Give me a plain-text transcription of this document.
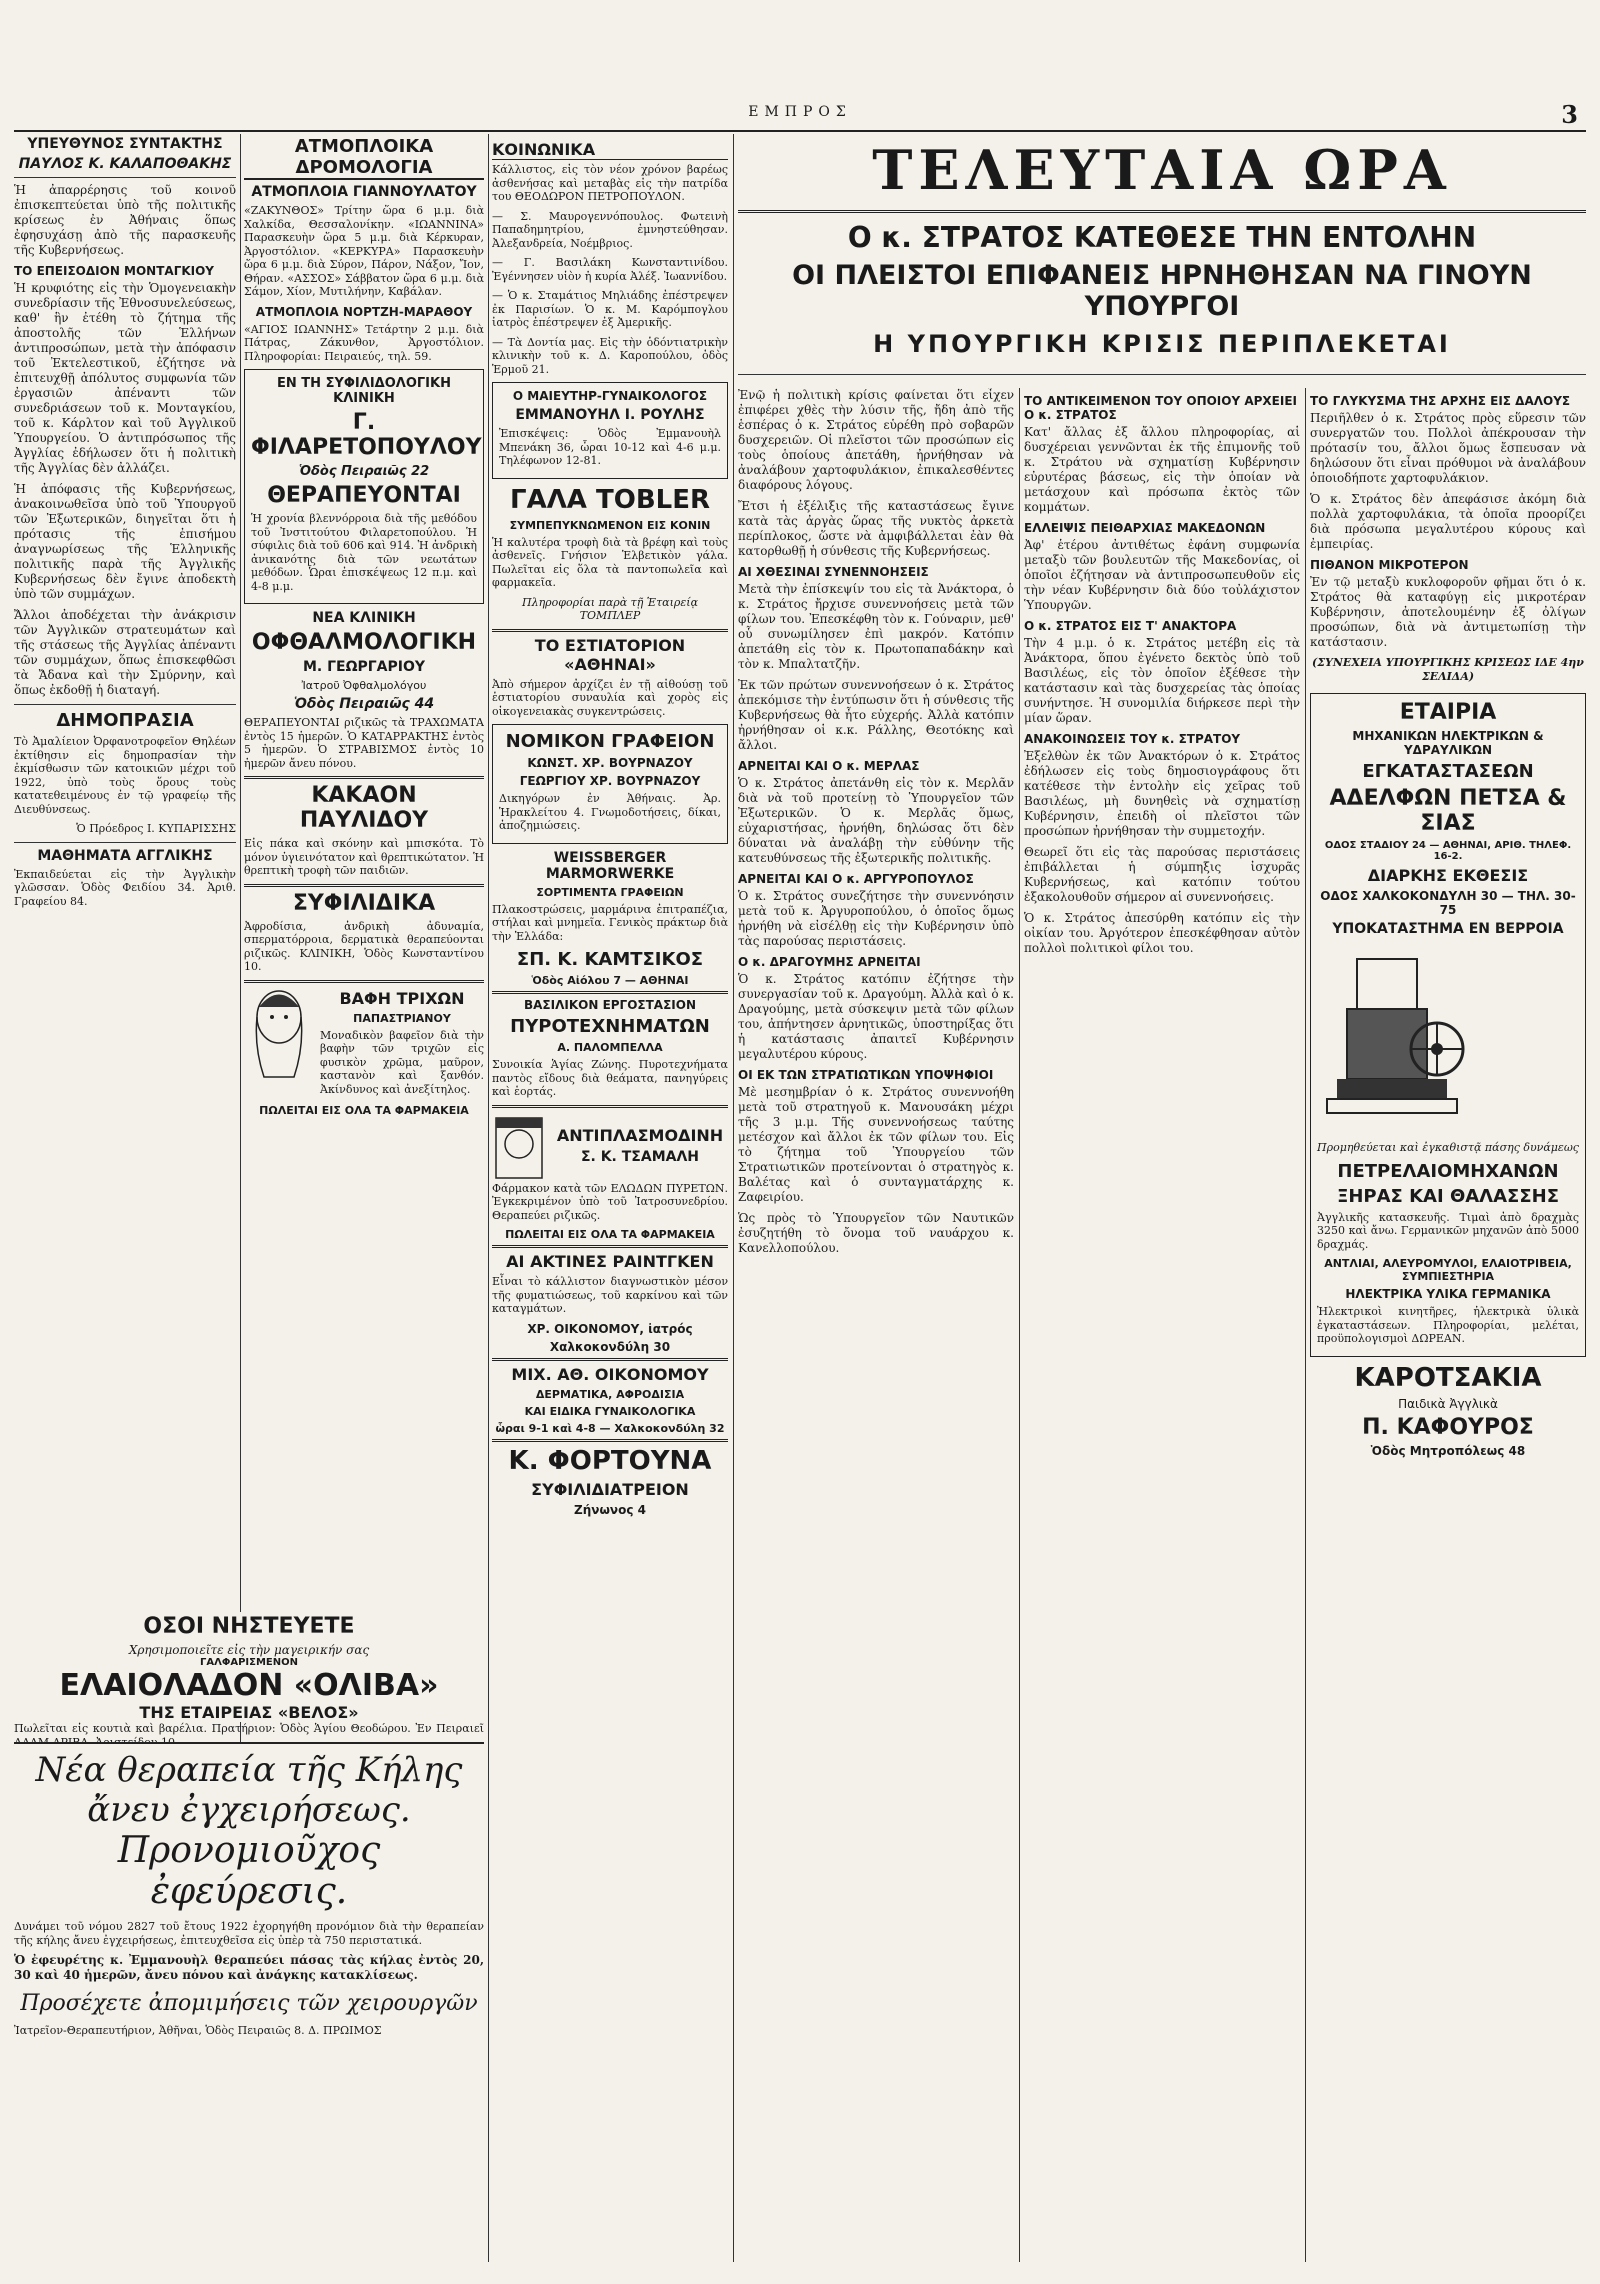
ΕΜΠΡΟΣ	3
ΥΠΕΥΘΥΝΟΣ ΣΥΝΤΑΚΤΗΣ
ΠΑΥΛΟΣ Κ. ΚΑΛΑΠΟΘΑΚΗΣ

Ἡ ἀπαρρέρησις τοῦ κοινοῦ ἐπισκεπτεύεται ὑπὸ τῆς πολιτικῆς κρίσεως ἐν Ἀθήναις ὅπως ἐφησυχάσῃ ἀπὸ τῆς παρασκευῆς τῆς Κυβερνήσεως.

ΤΟ ΕΠΕΙΣΟΔΙΟΝ ΜΟΝΤΑΓΚΙΟΥ

Ἡ κρυφιότης εἰς τὴν Ὁμογενειακὴν συνεδρίασιν τῆς Ἐθνοσυνελεύσεως, καθ' ἣν ἐτέθη τὸ ζήτημα τῆς ἀποστολῆς τῶν Ἑλλήνων ἀντιπροσώπων, μετὰ τὴν ἀπόφασιν τοῦ Ἐκτελεστικοῦ, ἐζήτησε νὰ ἐπιτευχθῇ ἀπόλυτος συμφωνία τῶν ἐργασιῶν ἀπέναντι τῶν συνεδριάσεων τοῦ κ. Μονταγκίου, τοῦ κ. Κάρλτον καὶ τοῦ Ἀγγλικοῦ Ὑπουργείου. Ὁ ἀντιπρόσωπος τῆς Ἀγγλίας ἐδήλωσεν ὅτι ἡ πολιτικὴ τῆς Ἀγγλίας δὲν ἀλλάζει.

Ἡ ἀπόφασις τῆς Κυβερνήσεως, ἀνακοινωθεῖσα ὑπὸ τοῦ Ὑπουργοῦ τῶν Ἐξωτερικῶν, διηγεῖται ὅτι ἡ πρότασις τῆς ἐπισήμου ἀναγνωρίσεως τῆς Ἑλληνικῆς πολιτικῆς παρὰ τῆς Ἀγγλικῆς Κυβερνήσεως δὲν ἔγινε ἀποδεκτὴ ὑπὸ τῶν συμμάχων.

Ἄλλοι ἀποδέχεται τὴν ἀνάκρισιν τῶν Ἀγγλικῶν στρατευμάτων καὶ τῆς στάσεως τῆς Ἀγγλίας ἀπέναντι τῶν συμμάχων, ὅπως ἐπισκεφθῶσι τὰ Ἄδανα καὶ τὴν Σμύρνην, καὶ ὅπως ἐκδοθῇ ἡ διαταγή.

ΔΗΜΟΠΡΑΣΙΑ

Τὸ Ἀμαλίειον Ὀρφανοτροφεῖον Θηλέων ἐκτίθησιν εἰς δημοπρασίαν τὴν ἐκμίσθωσιν τῶν κατοικιῶν μέχρι τοῦ 1922, ὑπὸ τοὺς ὅρους τοὺς κατατεθειμένους ἐν τῷ γραφείῳ τῆς Διευθύνσεως.

Ὁ Πρόεδρος Ι. ΚΥΠΑΡΙΣΣΗΣ

ΜΑΘΗΜΑΤΑ ΑΓΓΛΙΚΗΣ

Ἐκπαιδεύεται εἰς τὴν Ἀγγλικὴν γλῶσσαν. Ὁδὸς Φειδίου 34. Ἀριθ. Γραφείου 84.

ΟΣΟΙ ΝΗΣΤΕΥΕΤΕ
Χρησιμοποιεῖτε εἰς τὴν μαγειρικήν σας
ΓΑΛΦΑΡΙΣΜΕΝΟΝ
ΕΛΑΙΟΛΑΔΟΝ «ΟΛΙΒΑ»
ΤΗΣ ΕΤΑΙΡΕΙΑΣ «ΒΕΛΟΣ»

Πωλεῖται εἰς κουτιὰ καὶ βαρέλια. Πρατήριον: Ὁδὸς Ἁγίου Θεοδώρου. Ἐν Πειραιεῖ

Νέα θεραπεία τῆς Κήλης
ἄνευ ἐγχειρήσεως.
Προνομιοῦχος ἐφεύρεσις.

Δυνάμει τοῦ νόμου 2827 τοῦ ἔτους 1922 ἐχορηγήθη προνόμιον διὰ τὴν θεραπείαν τῆς κήλης ἄνευ ἐγχειρήσεως, ἐπιτευχθεῖσα εἰς ὑπὲρ τὰ 750 περιστατικά.

Ὁ ἐφευρέτης κ. Ἐμμανουὴλ θεραπεύει πάσας τὰς κήλας ἐντὸς 20, 30 καὶ 40 ἡμερῶν, ἄνευ πόνου καὶ ἀνάγκης κατακλίσεως.

Προσέχετε ἀπομιμήσεις τῶν χειρουργῶν

Ἰατρεῖον-Θεραπευτήριον, Ἀθῆναι, Ὁδὸς Πειραιῶς 8. Δ. ΠΡΩΙΜΟΣ

ΑΤΜΟΠΛΟΙΚΑ ΔΡΟΜΟΛΟΓΙΑ
ΑΤΜΟΠΛΟΙΑ ΓΙΑΝΝΟΥΛΑΤΟΥ

«ΖΑΚΥΝΘΟΣ» Τρίτην ὥρα 6 μ.μ. διὰ Χαλκίδα, Θεσσαλονίκην. «ΙΩΑΝΝΙΝΑ» Παρασκευὴν ὥρα 5 μ.μ. διὰ Κέρκυραν, Ἀργοστόλιον. «ΚΕΡΚΥΡΑ» Παρασκευὴν ὥρα 6 μ.μ. διὰ Σύρον, Πάρον, Νάξον, Ἴον, Θήραν. «ΑΣΣΟΣ» Σάββατον ὥρα 6 μ.μ. διὰ Σάμον, Χίον, Μυτιλήνην, Καβάλαν.

ΑΤΜΟΠΛΟΙΑ ΝΟΡΤΖΗ-ΜΑΡΑΘΟΥ

«ΑΓΙΟΣ ΙΩΑΝΝΗΣ» Τετάρτην 2 μ.μ. διὰ Πάτρας, Ζάκυνθον, Ἀργοστόλιον. Πληροφορίαι: Πειραιεύς, τηλ. 59.

ΕΝ ΤΗ ΣΥΦΙΛΙΔΟΛΟΓΙΚΗ ΚΛΙΝΙΚΗ
Γ. ΦΙΛΑΡΕΤΟΠΟΥΛΟΥ
Ὁδὸς Πειραιῶς 22
ΘΕΡΑΠΕΥΟΝΤΑΙ

Ἡ χρονία βλεννόρροια διὰ τῆς μεθόδου τοῦ Ἰνστιτούτου Φιλαρετοπούλου. Ἡ σύφιλις διὰ τοῦ 606 καὶ 914. Ἡ ἀνδρικὴ ἀνικανότης διὰ τῶν νεωτάτων μεθόδων. Ὧραι ἐπισκέψεως 12 π.μ. καὶ 4-8 μ.μ.

ΝΕΑ ΚΛΙΝΙΚΗ
ΟΦΘΑΛΜΟΛΟΓΙΚΗ
Μ. ΓΕΩΡΓΑΡΙΟΥ
Ἰατροῦ Ὀφθαλμολόγου
Ὁδὸς Πειραιῶς 44

ΘΕΡΑΠΕΥΟΝΤΑΙ ριζικῶς τὰ ΤΡΑΧΩΜΑΤΑ ἐντὸς 15 ἡμερῶν. Ὁ ΚΑΤΑΡΡΑΚΤΗΣ ἐντὸς 5 ἡμερῶν. Ὁ ΣΤΡΑΒΙΣΜΟΣ ἐντὸς 10 ἡμερῶν ἄνευ πόνου.

ΚΑΚΑΟΝ ΠΑΥΛΙΔΟΥ

Εἰς πάκα καὶ σκόνην καὶ μπισκότα. Τὸ μόνον ὑγιεινότατον καὶ θρεπτικώτατον. Ἡ θρεπτικὴ τροφὴ τῶν παιδιῶν.

ΣΥΦΙΛΙΔΙΚΑ

Ἀφροδίσια, ἀνδρικὴ ἀδυναμία, σπερματόρροια, δερματικὰ θεραπεύονται ριζικῶς. ΚΛΙΝΙΚΗ, Ὁδὸς Κωνσταντίνου 10.

ΒΑΦΗ ΤΡΙΧΩΝ
ΠΑΠΑΣΤΡΙΑΝΟΥ

Μοναδικὸν βαφεῖον διὰ τὴν βαφὴν τῶν τριχῶν εἰς φυσικὸν χρῶμα, μαῦρον, καστανὸν καὶ ξανθόν. Ἀκίνδυνος καὶ ἀνεξίτηλος.

ΠΩΛΕΙΤΑΙ ΕΙΣ ΟΛΑ ΤΑ ΦΑΡΜΑΚΕΙΑ
ΚΟΙΝΩΝΙΚΑ

Κάλλιστος, εἰς τὸν νέον χρόνον βαρέως ἀσθενήσας καὶ μεταβὰς εἰς τὴν πατρίδα του ΘΕΟΔΩΡΟΝ ΠΕΤΡΟΠΟΥΛΟΝ.

— Σ. Μαυρογεννόπουλος. Φωτεινὴ Παπαδημητρίου, ἐμνηστεύθησαν. Ἀλεξανδρεία, Νοέμβριος.

— Γ. Βασιλάκη Κωνσταντινίδου. Ἐγέννησεν υἱὸν ἡ κυρία Ἀλέξ. Ἰωαννίδου.

— Ὁ κ. Σταμάτιος Μηλιάδης ἐπέστρεψεν ἐκ Παρισίων. Ὁ κ. Μ. Καρόμπογλου ἰατρὸς ἐπέστρεψεν ἐξ Ἀμερικῆς.

— Τὰ Δοντία μας. Εἰς τὴν ὁδόντιατρικὴν κλινικὴν τοῦ κ. Δ. Καροπούλου, ὁδὸς Ἑρμοῦ 21.

Ο ΜΑΙΕΥΤΗΡ-ΓΥΝΑΙΚΟΛΟΓΟΣ
ΕΜΜΑΝΟΥΗΛ Ι. ΡΟΥΛΗΣ

Ἐπισκέψεις: Ὁδὸς Ἐμμανουὴλ Μπενάκη 36, ὧραι 10-12 καὶ 4-6 μ.μ. Τηλέφωνον 12-81.

ΓΑΛΑ TOBLER
ΣΥΜΠΕΠΥΚΝΩΜΕΝΟΝ ΕΙΣ ΚΟΝΙΝ

Ἡ καλυτέρα τροφὴ διὰ τὰ βρέφη καὶ τοὺς ἀσθενεῖς. Γνήσιον Ἑλβετικὸν γάλα. Πωλεῖται εἰς ὅλα τὰ παντοπωλεῖα καὶ φαρμακεῖα.

Πληροφορίαι παρὰ τῇ Ἑταιρείᾳ ΤΟΜΠΛΕΡ

ΤΟ ΕΣΤΙΑΤΟΡΙΟΝ «ΑΘΗΝΑΙ»

Ἀπὸ σήμερον ἀρχίζει ἐν τῇ αἰθούσῃ τοῦ ἑστιατορίου συναυλία καὶ χορὸς εἰς οἰκογενειακὰς συγκεντρώσεις.

ΝΟΜΙΚΟΝ ΓΡΑΦΕΙΟΝ
ΚΩΝΣΤ. ΧΡ. ΒΟΥΡΝΑΖΟΥ
ΓΕΩΡΓΙΟΥ ΧΡ. ΒΟΥΡΝΑΖΟΥ

Δικηγόρων ἐν Ἀθήναις. Ἀρ. Ἡρακλείτου 4. Γνωμοδοτήσεις, δίκαι, ἀποζημιώσεις.

WEISSBERGER MARMORWERKE
ΣΟΡΤΙΜΕΝΤΑ ΓΡΑΦΕΙΩΝ

Πλακοστρώσεις, μαρμάρινα ἐπιτραπέζια, στήλαι καὶ μνημεῖα. Γενικὸς πράκτωρ διὰ τὴν Ἑλλάδα:

ΣΠ. Κ. ΚΑΜΤΣΙΚΟΣ
Ὁδὸς Αἰόλου 7 — ΑΘΗΝΑΙ
ΒΑΣΙΛΙΚΟΝ ΕΡΓΟΣΤΑΣΙΟΝ
ΠΥΡΟΤΕΧΝΗΜΑΤΩΝ
Α. ΠΑΛΟΜΠΕΛΛΑ

Συνοικία Ἁγίας Ζώνης. Πυροτεχνήματα παντὸς εἴδους διὰ θεάματα, πανηγύρεις καὶ ἑορτάς.

ΑΝΤΙΠΛΑΣΜΟΔΙΝΗ
Σ. Κ. ΤΣΑΜΑΛΗ

Φάρμακον κατὰ τῶν ΕΛΩΔΩΝ ΠΥΡΕΤΩΝ. Ἐγκεκριμένον ὑπὸ τοῦ Ἰατροσυνεδρίου. Θεραπεύει ριζικῶς.

ΠΩΛΕΙΤΑΙ ΕΙΣ ΟΛΑ ΤΑ ΦΑΡΜΑΚΕΙΑ
ΑΙ ΑΚΤΙΝΕΣ ΡΑΙΝΤΓΚΕΝ

Εἶναι τὸ κάλλιστον διαγνωστικὸν μέσον τῆς φυματιώσεως, τοῦ καρκίνου καὶ τῶν καταγμάτων.

ΧΡ. ΟΙΚΟΝΟΜΟΥ, ἰατρός
Χαλκοκονδύλη 30
ΜΙΧ. ΑΘ. ΟΙΚΟΝΟΜΟΥ
ΔΕΡΜΑΤΙΚΑ, ΑΦΡΟΔΙΣΙΑ
ΚΑΙ ΕΙΔΙΚΑ ΓΥΝΑΙΚΟΛΟΓΙΚΑ
ὧραι 9-1 καὶ 4-8 — Χαλκοκονδύλη 32
Κ. ΦΟΡΤΟΥΝΑ
ΣΥΦΙΛΙΔΙΑΤΡΕΙΟΝ
Ζήνωνος 4
ΤΕΛΕΥΤΑΙΑ ΩΡΑ
Ο κ. ΣΤΡΑΤΟΣ ΚΑΤΕΘΕΣΕ ΤΗΝ ΕΝΤΟΛΗΝ
ΟΙ ΠΛΕΙΣΤΟΙ ΕΠΙΦΑΝΕΙΣ ΗΡΝΗΘΗΣΑΝ ΝΑ ΓΙΝΟΥΝ ΥΠΟΥΡΓΟΙ
Η ΥΠΟΥΡΓΙΚΗ ΚΡΙΣΙΣ ΠΕΡΙΠΛΕΚΕΤΑΙ

Ἐνῷ ἡ πολιτικὴ κρίσις φαίνεται ὅτι εἶχεν ἐπιφέρει χθὲς τὴν λύσιν τῆς, ἤδη ἀπὸ τῆς ἑσπέρας ὁ κ. Στράτος εὑρέθη πρὸ σοβαρῶν δυσχερειῶν. Οἱ πλεῖστοι τῶν προσώπων εἰς τοὺς ὁποίους ἀπετάθη, ἠρνήθησαν νὰ ἀναλάβουν χαρτοφυλάκιον, ἐπικαλεσθέντες διαφόρους λόγους.

Ἔτσι ἡ ἐξέλιξις τῆς καταστάσεως ἔγινε κατὰ τὰς ἀργὰς ὥρας τῆς νυκτὸς ἀρκετὰ περίπλοκος, ὥστε νὰ ἀμφιβάλλεται ἐὰν θὰ κατορθωθῇ ἡ σύνθεσις τῆς Κυβερνήσεως.

ΑΙ ΧΘΕΣΙΝΑΙ ΣΥΝΕΝΝΟΗΣΕΙΣ

Μετὰ τὴν ἐπίσκεψίν του εἰς τὰ Ἀνάκτορα, ὁ κ. Στράτος ἤρχισε συνεννοήσεις μετὰ τῶν φίλων του. Ἐπεσκέφθη τὸν κ. Γούναριν, μεθ' οὗ συνωμίλησεν ἐπὶ μακρόν. Κατόπιν ἀπετάθη εἰς τὸν κ. Πρωτοπαπαδάκην καὶ τὸν κ. Μπαλτατζῆν.

Ἐκ τῶν πρώτων συνεννοήσεων ὁ κ. Στράτος ἀπεκόμισε τὴν ἐντύπωσιν ὅτι ἡ σύνθεσις τῆς Κυβερνήσεως θὰ ἦτο εὐχερής. Ἀλλὰ κατόπιν ἠρνήθησαν οἱ κ.κ. Ράλλης, Θεοτόκης καὶ ἄλλοι.

ΑΡΝΕΙΤΑΙ ΚΑΙ Ο κ. ΜΕΡΛΑΣ

Ὁ κ. Στράτος ἀπετάνθη εἰς τὸν κ. Μερλᾶν διὰ νὰ τοῦ προτείνῃ τὸ Ὑπουργεῖον τῶν Ἐξωτερικῶν. Ὁ κ. Μερλᾶς ὅμως, εὐχαριστήσας, ἠρνήθη, δηλώσας ὅτι δὲν δύναται νὰ ἀναλάβῃ τὴν εὐθύνην τῆς κατευθύνσεως τῆς ἐξωτερικῆς πολιτικῆς.

ΑΡΝΕΙΤΑΙ ΚΑΙ Ο κ. ΑΡΓΥΡΟΠΟΥΛΟΣ

Ὁ κ. Στράτος συνεζήτησε τὴν συνεννόησιν μετὰ τοῦ κ. Ἀργυροπούλου, ὁ ὁποῖος ὅμως ἠρνήθη νὰ εἰσέλθῃ εἰς τὴν Κυβέρνησιν ὑπὸ τὰς παρούσας περιστάσεις.

Ο κ. ΔΡΑΓΟΥΜΗΣ ΑΡΝΕΙΤΑΙ

Ὁ κ. Στράτος κατόπιν ἐζήτησε τὴν συνεργασίαν τοῦ κ. Δραγούμη. Ἀλλὰ καὶ ὁ κ. Δραγούμης, μετὰ σύσκεψιν μετὰ τῶν φίλων του, ἀπήντησεν ἀρνητικῶς, ὑποστηρίξας ὅτι ἡ κατάστασις ἀπαιτεῖ Κυβέρνησιν μεγαλυτέρου κύρους.

ΟΙ ΕΚ ΤΩΝ ΣΤΡΑΤΙΩΤΙΚΩΝ ΥΠΟΨΗΦΙΟΙ

Μὲ μεσημβρίαν ὁ κ. Στράτος συνεννοήθη μετὰ τοῦ στρατηγοῦ κ. Μανουσάκη μέχρι τῆς 3 μ.μ. Τῆς συνεννοήσεως ταύτης μετέσχον καὶ ἄλλοι ἐκ τῶν φίλων του. Εἰς τὸ ζήτημα τοῦ Ὑπουργείου τῶν Στρατιωτικῶν προτείνονται ὁ στρατηγὸς κ. Βαλέτας καὶ ὁ συνταγματάρχης κ. Ζαφειρίου.

Ὡς πρὸς τὸ Ὑπουργεῖον τῶν Ναυτικῶν ἐσυζητήθη τὸ ὄνομα τοῦ ναυάρχου κ. Κανελλοπούλου.

ΤΟ ΑΝΤΙΚΕΙΜΕΝΟΝ ΤΟΥ ΟΠΟΙΟΥ ΑΡΧΕΙΕΙ Ο κ. ΣΤΡΑΤΟΣ

Κατ' ἄλλας ἐξ ἄλλου πληροφορίας, αἱ δυσχέρειαι γεννῶνται ἐκ τῆς ἐπιμονῆς τοῦ κ. Στράτου νὰ σχηματίσῃ Κυβέρνησιν εὐρυτέρας βάσεως, εἰς τὴν ὁποίαν νὰ μετάσχουν καὶ πρόσωπα ἐκτὸς τῶν κομμάτων.

ΕΛΛΕΙΨΙΣ ΠΕΙΘΑΡΧΙΑΣ ΜΑΚΕΔΟΝΩΝ

Ἀφ' ἑτέρου ἀντιθέτως ἐφάνη συμφωνία μεταξὺ τῶν βουλευτῶν τῆς Μακεδονίας, οἱ ὁποῖοι ἐζήτησαν νὰ ἀντιπροσωπευθοῦν εἰς τὴν νέαν Κυβέρνησιν διὰ δύο τοὐλάχιστον Ὑπουργῶν.

Ο κ. ΣΤΡΑΤΟΣ ΕΙΣ Τ' ΑΝΑΚΤΟΡΑ

Τὴν 4 μ.μ. ὁ κ. Στράτος μετέβη εἰς τὰ Ἀνάκτορα, ὅπου ἐγένετο δεκτὸς ὑπὸ τοῦ Βασιλέως, εἰς τὸν ὁποῖον ἐξέθεσε τὴν κατάστασιν καὶ τὰς δυσχερείας τὰς ὁποίας συνήντησε. Ἡ συνομιλία διήρκεσε περὶ τὴν μίαν ὥραν.

ΑΝΑΚΟΙΝΩΣΕΙΣ ΤΟΥ κ. ΣΤΡΑΤΟΥ

Ἐξελθὼν ἐκ τῶν Ἀνακτόρων ὁ κ. Στράτος ἐδήλωσεν εἰς τοὺς δημοσιογράφους ὅτι κατέθεσε τὴν ἐντολὴν εἰς χεῖρας τοῦ Βασιλέως, μὴ δυνηθεὶς νὰ σχηματίσῃ Κυβέρνησιν, ἐπειδὴ οἱ πλεῖστοι τῶν προσώπων ἠρνήθησαν τὴν συμμετοχήν.

Θεωρεῖ ὅτι εἰς τὰς παρούσας περιστάσεις ἐπιβάλλεται ἡ σύμπηξις ἰσχυρᾶς Κυβερνήσεως, καὶ κατόπιν τούτου ἐξακολουθοῦν σήμερον αἱ συνεννοήσεις.

Ὁ κ. Στράτος ἀπεσύρθη κατόπιν εἰς τὴν οἰκίαν του. Ἀργότερον ἐπεσκέφθησαν αὐτὸν πολλοὶ πολιτικοὶ φίλοι του.

ΤΟ ΓΛΥΚΥΣΜΑ ΤΗΣ ΑΡΧΗΣ ΕΙΣ ΔΑΛΟΥΣ

Περιῆλθεν ὁ κ. Στράτος πρὸς εὕρεσιν τῶν συνεργατῶν του. Πολλοὶ ἀπέκρουσαν τὴν πρότασίν του, ἄλλοι ὅμως ἔσπευσαν νὰ δηλώσουν ὅτι εἶναι πρόθυμοι νὰ ἀναλάβουν ὁποιοδήποτε χαρτοφυλάκιον.

Ὁ κ. Στράτος δὲν ἀπεφάσισε ἀκόμη διὰ πολλὰ χαρτοφυλάκια, τὰ ὁποῖα προορίζει διὰ πρόσωπα μεγαλυτέρου κύρους καὶ ἐμπειρίας.

ΠΙΘΑΝΟΝ ΜΙΚΡΟΤΕΡΟΝ

Ἐν τῷ μεταξὺ κυκλοφοροῦν φῆμαι ὅτι ὁ κ. Στράτος θὰ καταφύγῃ εἰς μικροτέραν Κυβέρνησιν, ἀποτελουμένην ἐξ ὀλίγων προσώπων, διὰ νὰ ἀντιμετωπίσῃ τὴν κατάστασιν.

(ΣΥΝΕΧΕΙΑ ΥΠΟΥΡΓΙΚΗΣ ΚΡΙΣΕΩΣ ΙΔΕ 4ην ΣΕΛΙΔΑ)

ΕΤΑΙΡΙΑ
ΜΗΧΑΝΙΚΩΝ ΗΛΕΚΤΡΙΚΩΝ & ΥΔΡΑΥΛΙΚΩΝ
ΕΓΚΑΤΑΣΤΑΣΕΩΝ
ΑΔΕΛΦΩΝ ΠΕΤΣΑ & ΣΙΑΣ
ΟΔΟΣ ΣΤΑΔΙΟΥ 24 — ΑΘΗΝΑΙ, ΑΡΙΘ. ΤΗΛΕΦ. 16-2.
ΔΙΑΡΚΗΣ ΕΚΘΕΣΙΣ
ΟΔΟΣ ΧΑΛΚΟΚΟΝΔΥΛΗ 30 — ΤΗΛ. 30-75
ΥΠΟΚΑΤΑΣΤΗΜΑ ΕΝ ΒΕΡΡΟΙΑ

Προμηθεύεται καὶ ἐγκαθιστᾷ πάσης δυνάμεως

ΠΕΤΡΕΛΑΙΟΜΗΧΑΝΩΝ
ΞΗΡΑΣ ΚΑΙ ΘΑΛΑΣΣΗΣ

Ἀγγλικῆς κατασκευῆς. Τιμαὶ ἀπὸ δραχμὰς 3250 καὶ ἄνω. Γερμανικῶν μηχανῶν ἀπὸ 5000 δραχμάς.

ΑΝΤΛΙΑΙ, ΑΛΕΥΡΟΜΥΛΟΙ, ΕΛΑΙΟΤΡΙΒΕΙΑ, ΣΥΜΠΙΕΣΤΗΡΙΑ
ΗΛΕΚΤΡΙΚΑ ΥΛΙΚΑ ΓΕΡΜΑΝΙΚΑ

Ἠλεκτρικοὶ κινητῆρες, ἠλεκτρικὰ ὑλικὰ ἐγκαταστάσεων. Πληροφορίαι, μελέται, προϋπολογισμοὶ ΔΩΡΕΑΝ.

ΚΑΡΟΤΣΑΚΙΑ
Παιδικὰ Ἀγγλικὰ
Π. ΚΑΦΟΥΡΟΣ
Ὁδὸς Μητροπόλεως 48
